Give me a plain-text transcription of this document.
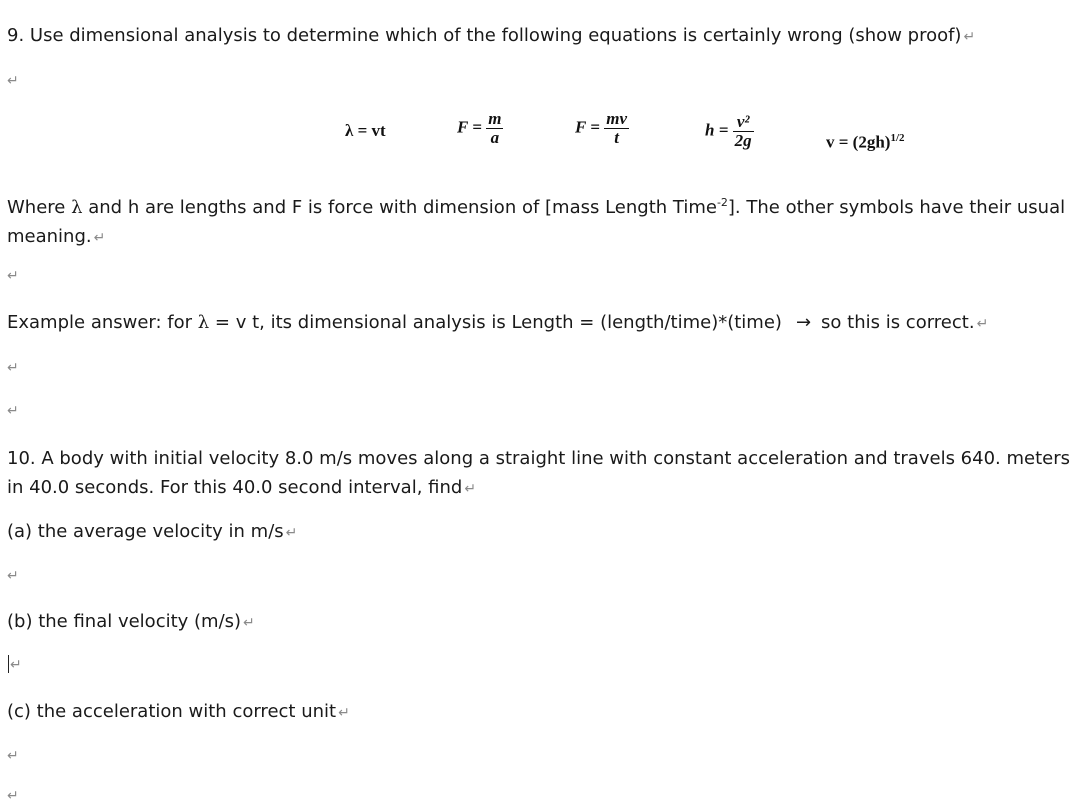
9. Use dimensional analysis to determine which of the following equations is certainly wrong (show proof) ↵
↵
λ = vt	$F = \frac{m}{a}$	$F = \frac{mv}{t}$	$h = \frac{\text{v²}}{2g}$	$v = (2gh)^{1/2}$
Where λ and h are lengths and F is force with dimension of [mass Length Time$^{-2}$]. The other symbols have their usual meaning. ↵
↵
Example answer: for λ = v t, its dimensional analysis is Length = (length/time)*(time) → so this is correct. ↵
↵
↵
10. A body with initial velocity 8.0 m/s moves along a straight line with constant acceleration and travels 640. meters in 40.0 seconds. For this 40.0 second interval, find ↵
(a) the average velocity in m/s ↵
↵
(b) the final velocity (m/s) ↵
↵
(c) the acceleration with correct unit ↵
↵
↵
